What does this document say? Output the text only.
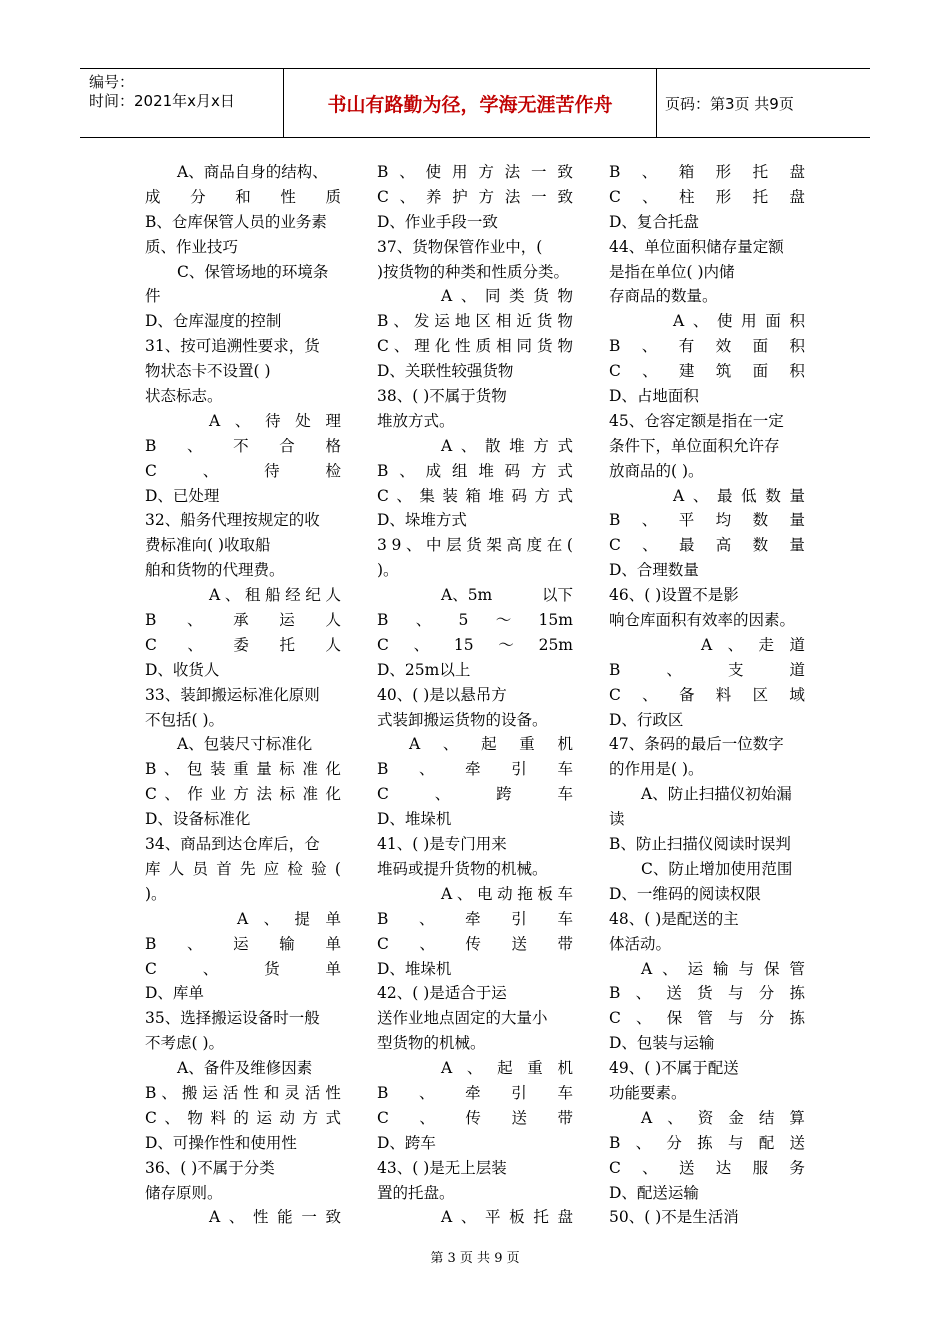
编号：
时间：2021年x月x日	书山有路勤为径，学海无涯苦作舟	页码：第3页 共9页
A、商品自身的结构、
成 分 和 性 质
B、仓库保管人员的业务素
质、作业技巧
C、保管场地的环境条
件
D、仓库湿度的控制
31、按可追溯性要求，货
物状态卡不设置( )
状态标志。
A 、 待 处 理
B 、 不 合 格
C	、	待	检
D、已处理
32、船务代理按规定的收
费标准向( )收取船
舶和货物的代理费。
A 、 租 船 经 纪 人
B 、 承 运 人
C 、 委 托 人
D、收货人
33、装卸搬运标准化原则
不包括( )。
A、包装尺寸标准化
B 、 包 装 重 量 标 准 化
C 、 作 业 方 法 标 准 化
D、设备标准化
34、商品到达仓库后，仓
库 人 员 首 先 应 检 验 (
)。
A 、 提 单
B 、 运 输 单
C	、	货	单
D、库单
35、选择搬运设备时一般
不考虑( )。
A、备件及维修因素
B 、 搬 运 活 性 和 灵 活 性
C 、 物 料 的 运 动 方 式
D、可操作性和使用性
36、( )不属于分类
储存原则。
A 、 性 能 一 致
B 、 使 用 方 法 一 致
C 、 养 护 方 法 一 致
D、作业手段一致
37、货物保管作业中，(
)按货物的种类和性质分类。
A 、 同 类 货 物
B 、 发 运 地 区 相 近 货 物
C 、 理 化 性 质 相 同 货 物
D、关联性较强货物
38、( )不属于货物
堆放方式。
A 、 散 堆 方 式
B 、 成 组 堆 码 方 式
C 、 集 装 箱 堆 码 方 式
D、垛堆方式
3 9 、 中 层 货 架 高 度 在 (
)。
A、5m	以下
B 、 5 ～ 15m
C 、 15 ～ 25m
D、25m以上
40、( )是以悬吊方
式装卸搬运货物的设备。
A 、 起 重 机
B 、 牵 引 车
C	、	跨	车
D、堆垛机
41、( )是专门用来
堆码或提升货物的机械。
A 、 电 动 拖 板 车
B 、 牵 引 车
C 、 传 送 带
D、堆垛机
42、( )是适合于运
送作业地点固定的大量小
型货物的机械。
A 、 起 重 机
B 、 牵 引 车
C 、 传 送 带
D、跨车
43、( )是无上层装
置的托盘。
A 、 平 板 托 盘
B 、 箱 形 托 盘
C 、 柱 形 托 盘
D、复合托盘
44、单位面积储存量定额
是指在单位( )内储
存商品的数量。
A 、 使 用 面 积
B 、 有 效 面 积
C 、 建 筑 面 积
D、占地面积
45、仓容定额是指在一定
条件下，单位面积允许存
放商品的( )。
A 、 最 低 数 量
B 、 平 均 数 量
C 、 最 高 数 量
D、合理数量
46、( )设置不是影
响仓库面积有效率的因素。
A 、 走 道
B	、	支	道
C 、 备 料 区 域
D、行政区
47、条码的最后一位数字
的作用是( )。
A、防止扫描仪初始漏
读
B、防止扫描仪阅读时误判
C、防止增加使用范围
D、一维码的阅读权限
48、( )是配送的主
体活动。
A 、 运 输 与 保 管
B 、 送 货 与 分 拣
C 、 保 管 与 分 拣
D、包装与运输
49、( )不属于配送
功能要素。
A 、 资 金 结 算
B 、 分 拣 与 配 送
C 、 送 达 服 务
D、配送运输
50、( )不是生活消
第 3 页 共 9 页
